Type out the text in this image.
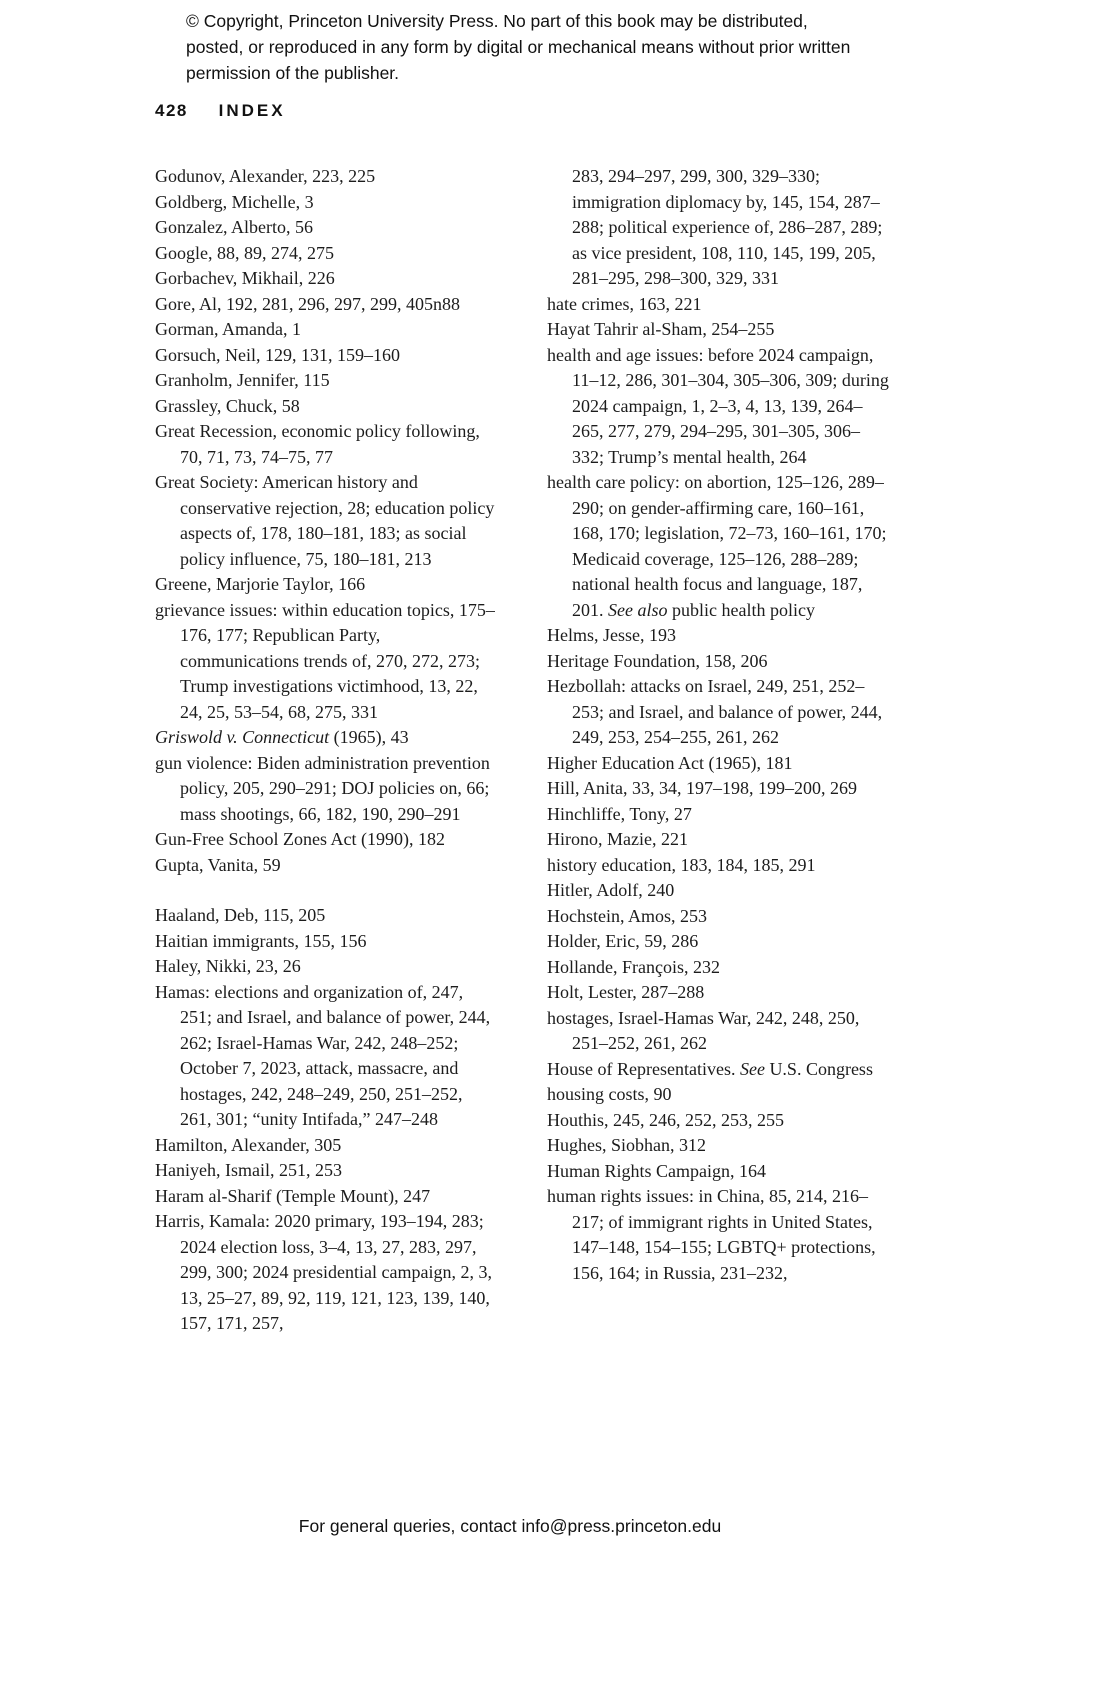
© Copyright, Princeton University Press. No part of this book may be distributed, posted, or reproduced in any form by digital or mechanical means without prior written permission of the publisher.
428 INDEX

Godunov, Alexander, 223, 225

Goldberg, Michelle, 3

Gonzalez, Alberto, 56

Google, 88, 89, 274, 275

Gorbachev, Mikhail, 226

Gore, Al, 192, 281, 296, 297, 299, 405n88

Gorman, Amanda, 1

Gorsuch, Neil, 129, 131, 159–160

Granholm, Jennifer, 115

Grassley, Chuck, 58

Great Recession, economic policy following, 70, 71, 73, 74–75, 77

Great Society: American history and conservative rejection, 28; education policy aspects of, 178, 180–181, 183; as social policy influence, 75, 180–181, 213

Greene, Marjorie Taylor, 166

grievance issues: within education topics, 175–176, 177; Republican Party, communications trends of, 270, 272, 273; Trump investigations victimhood, 13, 22, 24, 25, 53–54, 68, 275, 331

Griswold v. Connecticut (1965), 43

gun violence: Biden administration prevention policy, 205, 290–291; DOJ policies on, 66; mass shootings, 66, 182, 190, 290–291

Gun-Free School Zones Act (1990), 182

Gupta, Vanita, 59

Haaland, Deb, 115, 205

Haitian immigrants, 155, 156

Haley, Nikki, 23, 26

Hamas: elections and organization of, 247, 251; and Israel, and balance of power, 244, 262; Israel-Hamas War, 242, 248–252; October 7, 2023, attack, massacre, and hostages, 242, 248–249, 250, 251–252, 261, 301; “unity Intifada,” 247–248

Hamilton, Alexander, 305

Haniyeh, Ismail, 251, 253

Haram al-Sharif (Temple Mount), 247

Harris, Kamala: 2020 primary, 193–194, 283; 2024 election loss, 3–4, 13, 27, 283, 297, 299, 300; 2024 presidential campaign, 2, 3, 13, 25–27, 89, 92, 119, 121, 123, 139, 140, 157, 171, 257,

283, 294–297, 299, 300, 329–330; immigration diplomacy by, 145, 154, 287–288; political experience of, 286–287, 289; as vice president, 108, 110, 145, 199, 205, 281–295, 298–300, 329, 331

hate crimes, 163, 221

Hayat Tahrir al-Sham, 254–255

health and age issues: before 2024 campaign, 11–12, 286, 301–304, 305–306, 309; during 2024 campaign, 1, 2–3, 4, 13, 139, 264–265, 277, 279, 294–295, 301–305, 306–332; Trump’s mental health, 264

health care policy: on abortion, 125–126, 289–290; on gender-affirming care, 160–161, 168, 170; legislation, 72–73, 160–161, 170; Medicaid coverage, 125–126, 288–289; national health focus and language, 187, 201. See also public health policy

Helms, Jesse, 193

Heritage Foundation, 158, 206

Hezbollah: attacks on Israel, 249, 251, 252–253; and Israel, and balance of power, 244, 249, 253, 254–255, 261, 262

Higher Education Act (1965), 181

Hill, Anita, 33, 34, 197–198, 199–200, 269

Hinchliffe, Tony, 27

Hirono, Mazie, 221

history education, 183, 184, 185, 291

Hitler, Adolf, 240

Hochstein, Amos, 253

Holder, Eric, 59, 286

Hollande, François, 232

Holt, Lester, 287–288

hostages, Israel-Hamas War, 242, 248, 250, 251–252, 261, 262

House of Representatives. See U.S. Congress

housing costs, 90

Houthis, 245, 246, 252, 253, 255

Hughes, Siobhan, 312

Human Rights Campaign, 164

human rights issues: in China, 85, 214, 216–217; of immigrant rights in United States, 147–148, 154–155; LGBTQ+ protections, 156, 164; in Russia, 231–232,

For general queries, contact info@press.princeton.edu
